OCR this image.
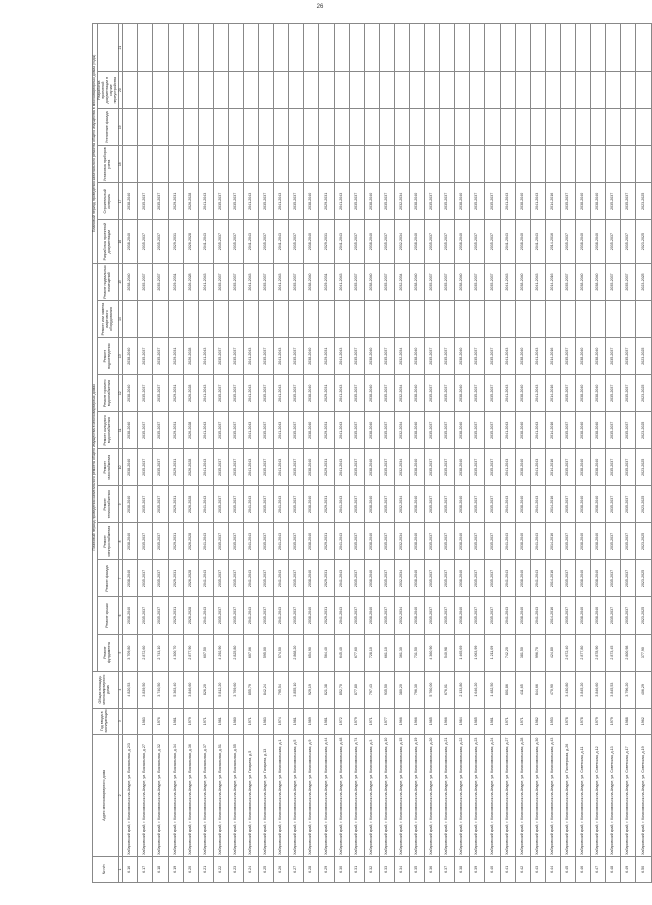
26
№ п/п	Адрес многоквартирного дома	Год ввода в эксплуатацию	Общая площадь многоквартирного дома	Плановый период проведения капитального ремонта общего имущества в многоквартирных домах											Плановый период проведения капитального ремонта общего имущества в многоквартирных домах (годы)					
				Ремонт фундамента	Ремонт крыши	Ремонт фасада	Ремонт электроснабжения	Ремонт теплоснабжения	Ремонт газоснабжения	Ремонт холодного водоснабжения	Ремонт горячего водоснабжения	Ремонт водоотведения	Ремонт или замена лифтового оборудования	Ремонт подвальных помещений	Разработка проектной документации	Строительный контроль	Установка приборов учета	Утепление фасада	Разработка проектной документации в случае переустройства	
1	2	3	4	5	6	7	8	9	10	11	12	13	14	15	16	17	18	19	20	21
6.16	Хабаровский край, г. Комсомольск-на-Амуре, ул. Вокзальная, д.2/3		4 820,53	3 709,80	2038-2040	2038-2040	2038-2040	2038-2040	2038-2040	2038-2040	2038-2040	2038-2040		2038-2040	2038-2040	2038-2040				
6.17	Хабаровский край, г. Комсомольск-на-Амуре, ул. Вокзальная, д.27	1983	3 839,50	2 872,60	2035-2037	2035-2037	2035-2037	2035-2037	2035-2037	2035-2037	2035-2037	2035-2037		2035-2037	2035-2037	2035-2037				
6.18	Хабаровский край, г. Комсомольск-на-Амуре, ул. Вокзальная, д.32	1976	3 740,50	2 743,10	2035-2037	2035-2037	2035-2037	2035-2037	2035-2037	2035-2037	2035-2037	2035-2037		2035-2037	2035-2037	2035-2037				
6.19	Хабаровский край, г. Комсомольск-на-Амуре, ул. Вокзальная, д.34	1981	5 363,40	4 300,70	2029-2031	2029-2031	2029-2031	2029-2031	2029-2031	2029-2031	2029-2031	2029-2031		2029-2031	2029-2031	2029-2031				
6.20	Хабаровский край, г. Комсомольск-на-Амуре, ул. Вокзальная, д.36	1979	3 846,60	2 877,90	2026-2028	2026-2028	2026-2028	2026-2028	2026-2028	2026-2028	2026-2028	2026-2028		2026-2028	2026-2028	2026-2028				
6.21	Хабаровский край, г. Комсомольск-на-Амуре, ул. Вокзальная, д.37	1971	826,20	607,50	2041-2043	2041-2043	2041-2043	2041-2043	2041-2043	2041-2043	2041-2043	2041-2043		2041-2043	2041-2043	2041-2043				
6.22	Хабаровский край, г. Комсомольск-на-Амуре, ул. Вокзальная, д.51	1981	5 812,20	4 292,90	2035-2037	2035-2037	2035-2037	2035-2037	2035-2037	2035-2037	2035-2037	2035-2037		2035-2037	2035-2037	2035-2037				
6.23	Хабаровский край, г. Комсомольск-на-Амуре, ул. Вокзальная, д.55	1980	3 769,60	2 825,80	2035-2037	2035-2037	2035-2037	2035-2037	2035-2037	2035-2037	2035-2037	2035-2037		2035-2037	2035-2037	2035-2037				
6.24	Хабаровский край, г. Комсомольск-на-Амуре, ул. Гагарина, д.5	1971	855,79	607,06	2041-2043	2041-2043	2041-2043	2041-2043	2041-2043	2041-2043	2041-2043	2041-2043		2041-2043	2041-2043	2041-2043				
6.25	Хабаровский край, г. Комсомольск-на-Амуре, ул. Гагарина, д.13	1983	842,24	595,00	2035-2037	2035-2037	2035-2037	2035-2037	2035-2037	2035-2037	2035-2037	2035-2037		2035-2037	2035-2037	2035-2037				
6.26	Хабаровский край, г. Комсомольск-на-Амуре, ул. Комсомольская, д.1	1974	795,54	574,50	2041-2043	2041-2043	2041-2043	2041-2043	2041-2043	2041-2043	2041-2043	2041-2043		2041-2043	2041-2043	2041-2043				
6.27	Хабаровский край, г. Комсомольск-на-Амуре, ул. Комсомольская, д.5	1981	3 855,10	2 868,20	2035-2037	2035-2037	2035-2037	2035-2037	2035-2037	2035-2037	2035-2037	2035-2037		2035-2037	2035-2037	2035-2037				
6.28	Хабаровский край, г. Комсомольск-на-Амуре, ул. Комсомольская, д.9	1989	929,19	654,90	2038-2040	2038-2040	2038-2040	2038-2040	2038-2040	2038-2040	2038-2040	2038-2040		2038-2040	2038-2040	2038-2040				
6.29	Хабаровский край, г. Комсомольск-на-Амуре, ул. Комсомольская, д.44	1981	821,38	564,40	2029-2031	2029-2031	2029-2031	2029-2031	2029-2031	2029-2031	2029-2031	2029-2031		2029-2031	2029-2031	2029-2031				
6.30	Хабаровский край, г. Комсомольск-на-Амуре, ул. Комсомольская, д.48	1972	852,70	645,40	2041-2043	2041-2043	2041-2043	2041-2043	2041-2043	2041-2043	2041-2043	2041-2043		2041-2043	2041-2043	2041-2043				
6.31	Хабаровский край, г. Комсомольск-на-Амуре, ул. Комсомольская, д.74	1979	877,80	677,60	2035-2037	2035-2037	2035-2037	2035-2037	2035-2037	2035-2037	2035-2037	2035-2037		2035-2037	2035-2037	2035-2037				
6.32	Хабаровский край, г. Комсомольск-на-Амуре, ул. Комсомольская, д.3	1971	797,43	728,10	2038-2040	2038-2040	2038-2040	2038-2040	2038-2040	2038-2040	2038-2040	2038-2040		2038-2040	2038-2040	2038-2040				
6.33	Хабаровский край, г. Комсомольск-на-Амуре, ул. Комсомольская, д.10	1977	935,50	661,10	2035-2037	2035-2037	2035-2037	2035-2037	2035-2037	2035-2037	2035-2037	2035-2037		2035-2037	2035-2037	2035-2037				
6.34	Хабаровский край, г. Комсомольск-на-Амуре, ул. Комсомольская, д.15	1966	380,20	361,30	2032-2034	2032-2034	2032-2034	2032-2034	2032-2034	2032-2034	2032-2034	2032-2034		2032-2034	2032-2034	2032-2034				
6.35	Хабаровский край, г. Комсомольск-на-Амуре, ул. Комсомольская, д.19	1966	796,30	731,50	2038-2040	2038-2040	2038-2040	2038-2040	2038-2040	2038-2040	2038-2040	2038-2040		2038-2040	2038-2040	2038-2040				
6.36	Хабаровский край, г. Комсомольск-на-Амуре, ул. Комсомольская, д.20	1985	5 760,00	4 360,90	2035-2037	2035-2037	2035-2037	2035-2037	2035-2037	2035-2037	2035-2037	2035-2037		2035-2037	2035-2037	2035-2037				
6.37	Хабаровский край, г. Комсомольск-на-Амуре, ул. Комсомольская, д.21	1966	676,01	540,98	2035-2037	2035-2037	2035-2037	2035-2037	2035-2037	2035-2037	2035-2037	2035-2037		2035-2037	2035-2037	2035-2037				
6.38	Хабаровский край, г. Комсомольск-на-Амуре, ул. Комсомольская, д.22	1984	2 133,80	1 465,69	2038-2040	2038-2040	2038-2040	2038-2040	2038-2040	2038-2040	2038-2040	2038-2040		2038-2040	2038-2040	2038-2040				
6.39	Хабаровский край, г. Комсомольск-на-Амуре, ул. Комсомольская, д.23	1985	1 646,20	1 063,99	2035-2037	2035-2037	2035-2037	2035-2037	2035-2037	2035-2037	2035-2037	2035-2037		2035-2037	2035-2037	2035-2037				
6.40	Хабаровский край, г. Комсомольск-на-Амуре, ул. Комсомольская, д.24	1981	1 482,50	1 211,09	2035-2037	2035-2037	2035-2037	2035-2037	2035-2037	2035-2037	2035-2037	2035-2037		2035-2037	2035-2037	2035-2037				
6.41	Хабаровский край, г. Комсомольск-на-Амуре, ул. Комсомольская, д.27	1971	801,86	742,20	2041-2043	2041-2043	2041-2043	2041-2043	2041-2043	2041-2043	2041-2043	2041-2043		2041-2043	2041-2043	2041-2043				
6.42	Хабаровский край, г. Комсомольск-на-Амуре, ул. Комсомольская, д.28	1971	411,65	381,50	2038-2040	2038-2040	2038-2040	2038-2040	2038-2040	2038-2040	2038-2040	2038-2040		2038-2040	2038-2040	2038-2040				
6.43	Хабаровский край, г. Комсомольск-на-Амуре, ул. Комсомольская, д.30	1982	844,66	996,70	2041-2043	2041-2043	2041-2043	2041-2043	2041-2043	2041-2043	2041-2043	2041-2043		2041-2043	2041-2043	2041-2043				
6.44	Хабаровский край, г. Комсомольск-на-Амуре, ул. Комсомольская, д.43	1953	470,90	424,80	2014-2016	2014-2016	2014-2016	2014-2016	2014-2016	2014-2016	2014-2016	2014-2016		2014-2016	2014-2016	2014-2016				
6.45	Хабаровский край, г. Комсомольск-на-Амуре, ул. Пионерская, д.26	1978	3 430,80	2 672,40	2035-2037	2035-2037	2035-2037	2035-2037	2035-2037	2035-2037	2035-2037	2035-2037		2035-2037	2035-2037	2035-2037				
6.46	Хабаровский край, г. Комсомольск-на-Амуре, ул. Советская, д.11	1978	3 845,20	2 877,80	2038-2040	2038-2040	2038-2040	2038-2040	2038-2040	2038-2040	2038-2040	2038-2040		2038-2040	2038-2040	2038-2040				
6.47	Хабаровский край, г. Комсомольск-на-Амуре, ул. Советская, д.12	1979	3 846,60	2 878,90	2038-2040	2038-2040	2038-2040	2038-2040	2038-2040	2038-2040	2038-2040	2038-2040		2038-2040	2038-2040	2038-2040				
6.48	Хабаровский край, г. Комсомольск-на-Амуре, ул. Советская, д.13	1979	3 845,53	2 873,45	2035-2037	2035-2037	2035-2037	2035-2037	2035-2037	2035-2037	2035-2037	2035-2037		2035-2037	2035-2037	2035-2037				
6.49	Хабаровский край, г. Комсомольск-на-Амуре, ул. Советская, д.17	1988	3 796,20	2 800,98	2035-2037	2035-2037	2035-2037	2035-2037	2035-2037	2035-2037	2035-2037	2035-2037		2035-2037	2035-2037	2035-2037				
6.50	Хабаровский край, г. Комсомольск-на-Амуре, ул. Советская, д.19	1962	406,29	377,90	2023-2025	2023-2025	2023-2025	2023-2025	2023-2025	2023-2025	2023-2025	2023-2025		2023-2025	2023-2025	2023-2025				
